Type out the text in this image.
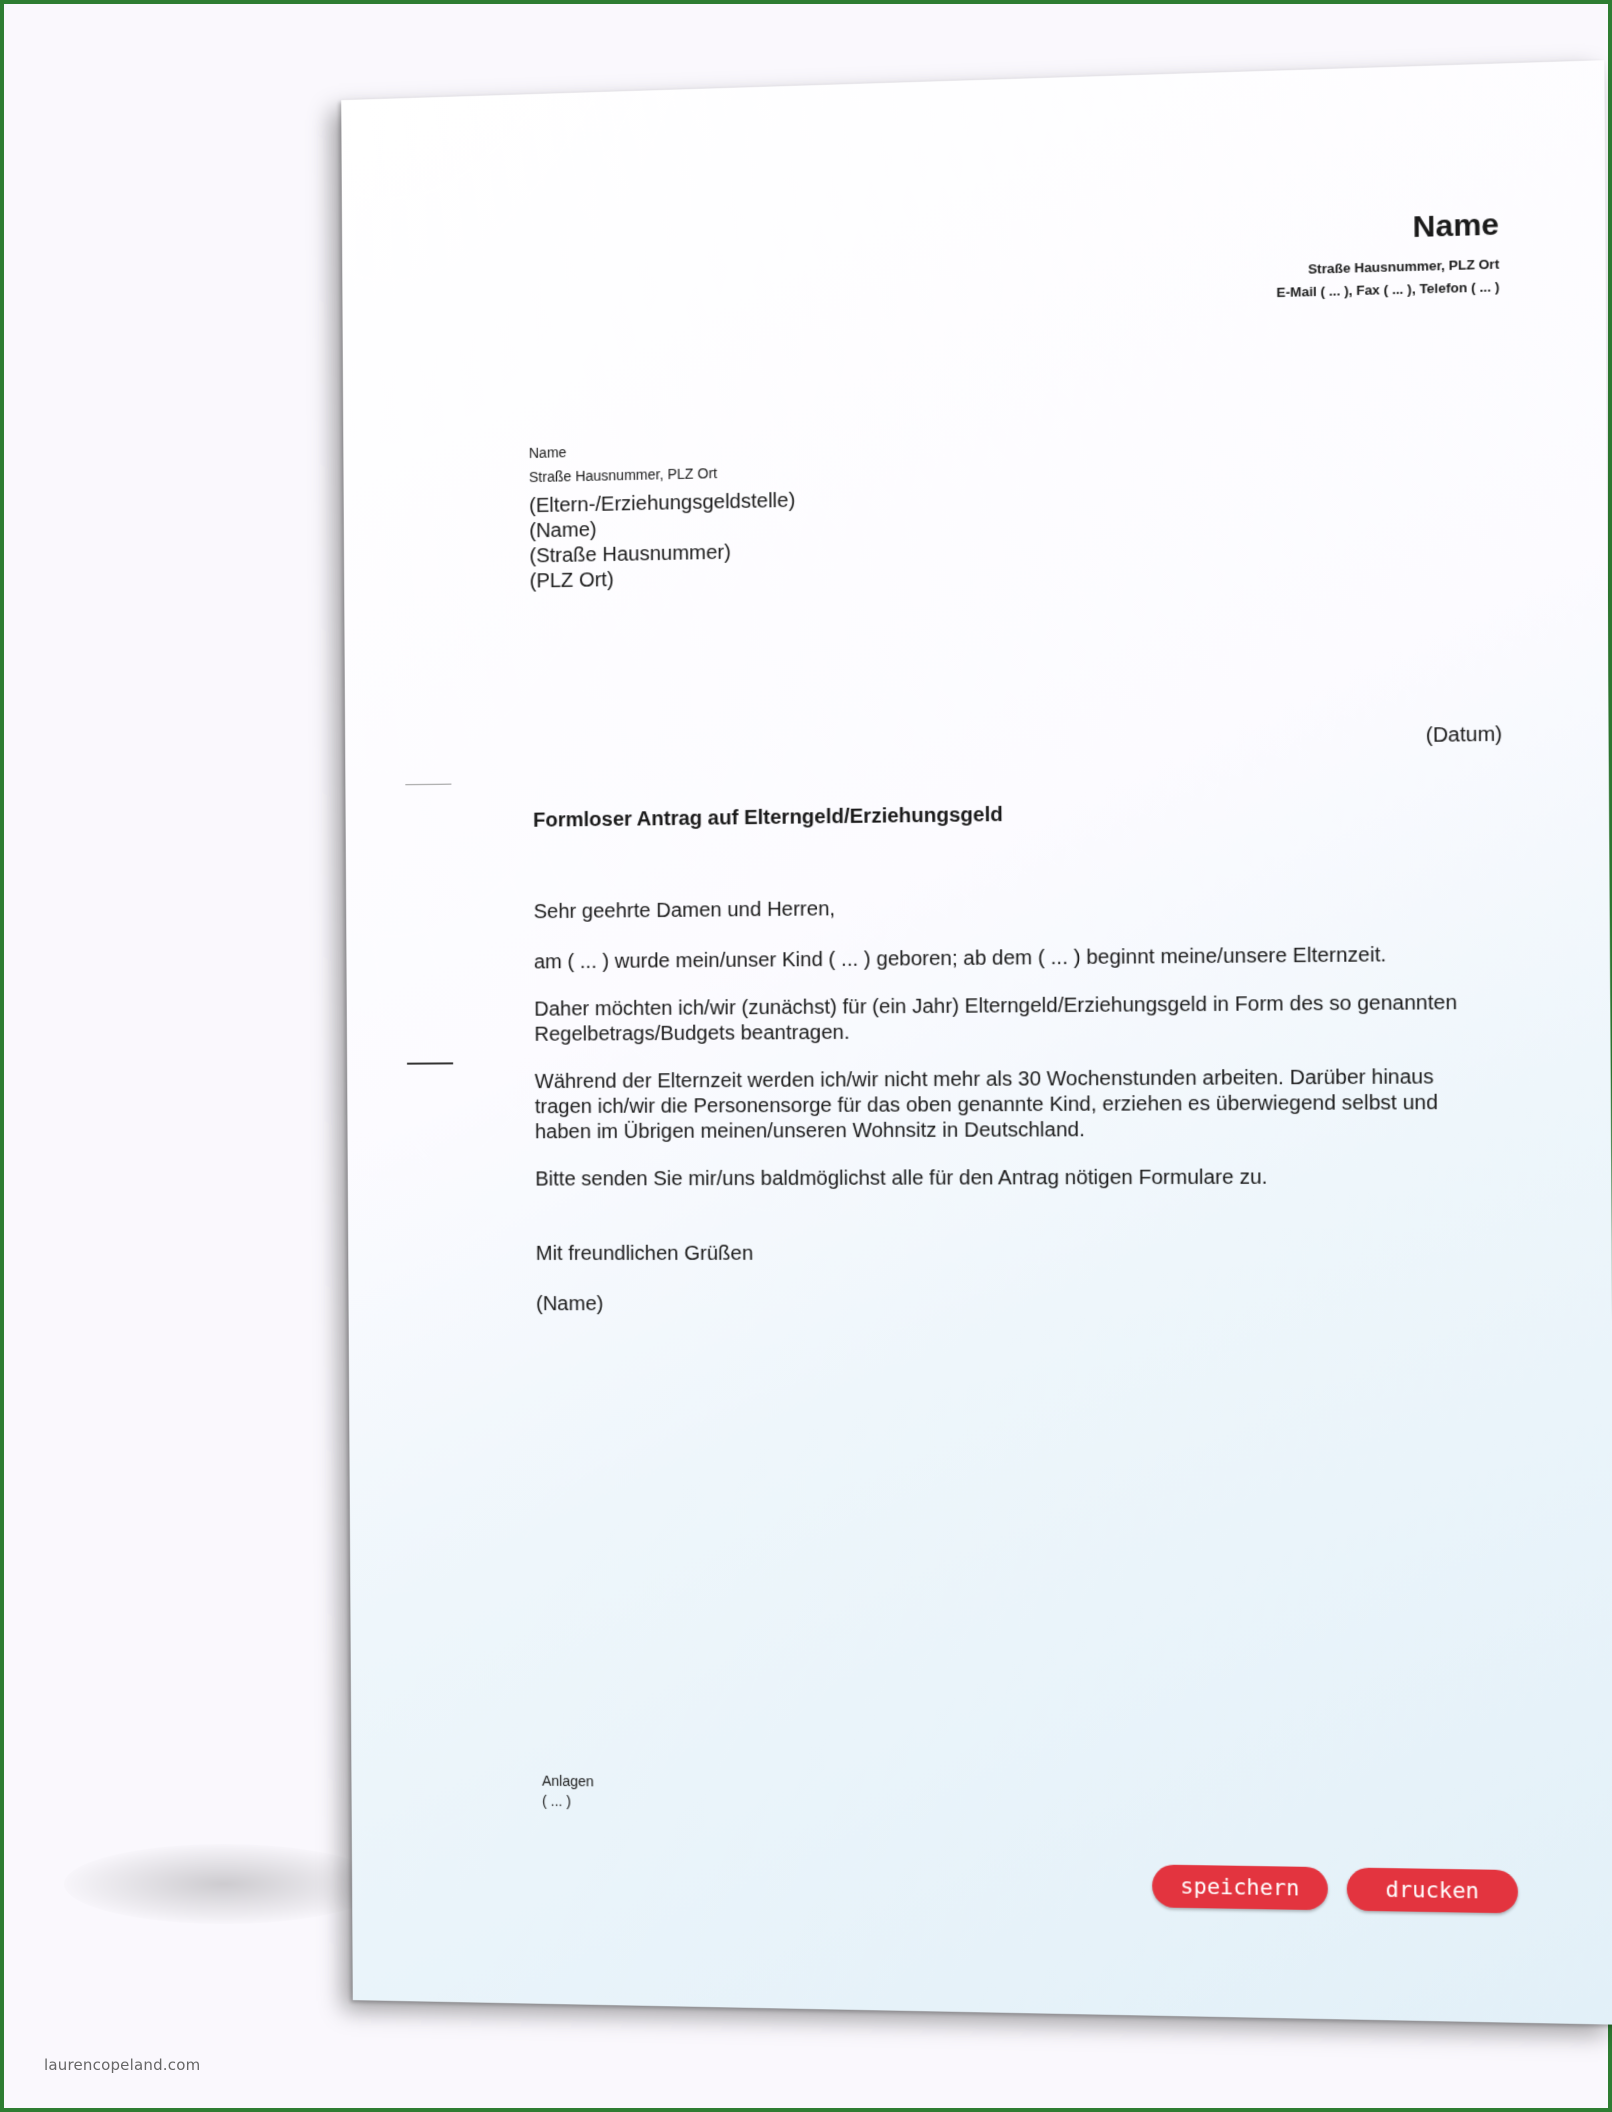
Name
Straße Hausnummer, PLZ Ort
E-Mail ( ... ), Fax ( ... ), Telefon ( ... )
Name
Straße Hausnummer, PLZ Ort
(Eltern-/Erziehungsgeldstelle)
(Name)
(Straße Hausnummer)
(PLZ Ort)
(Datum)
Formloser Antrag auf Elterngeld/Erziehungsgeld

Sehr geehrte Damen und Herren,

am ( ... ) wurde mein/unser Kind ( ... ) geboren; ab dem ( ... ) beginnt meine/unsere Elternzeit.

Daher möchten ich/wir (zunächst) für (ein Jahr) Elterngeld/Erziehungsgeld in Form des so genannten Regelbetrags/Budgets beantragen.

Während der Elternzeit werden ich/wir nicht mehr als 30 Wochenstunden arbeiten. Darüber hinaus tragen ich/wir die Personensorge für das oben genannte Kind, erziehen es überwiegend selbst und haben im Übrigen meinen/unseren Wohnsitz in Deutschland.

Bitte senden Sie mir/uns baldmöglichst alle für den Antrag nötigen Formulare zu.

Mit freundlichen Grüßen
(Name)
Anlagen
( ... )
speichern	drucken
laurencopeland.com
